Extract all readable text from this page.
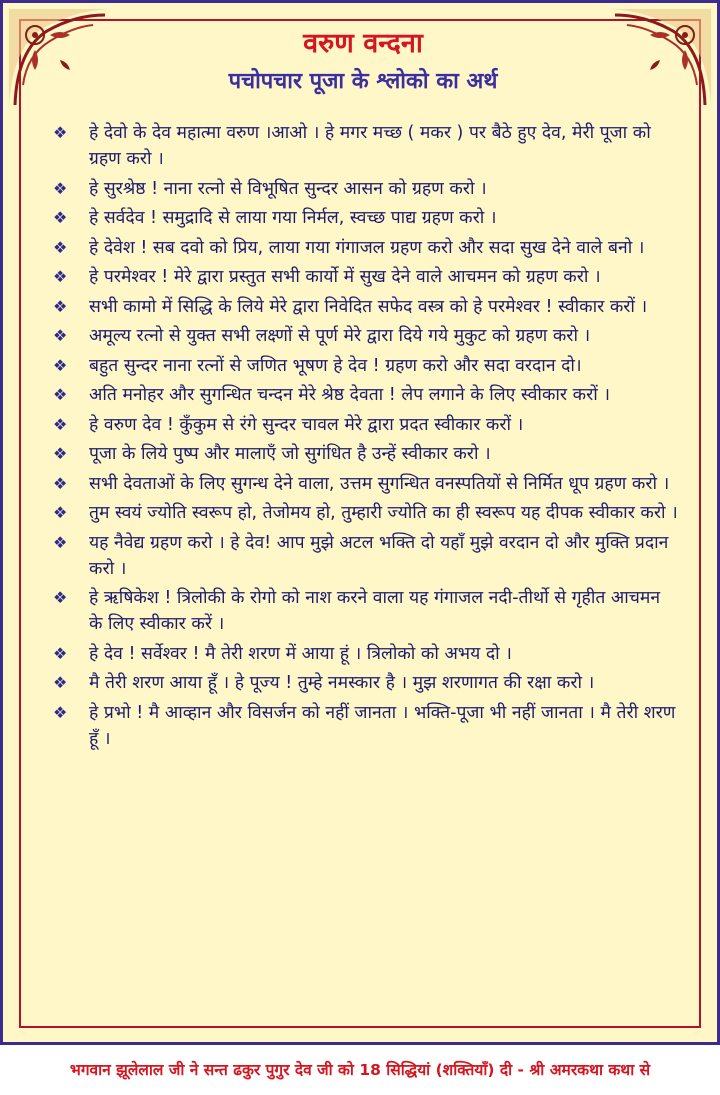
वरुण वन्दना
पचोपचार पूजा के श्लोको का अर्थ
❖ हे देवो के देव महात्मा वरुण ।आओ । हे मगर मच्छ ( मकर ) पर बैठे हुए देव, मेरी पूजा को ग्रहण करो ।
❖ हे सुरश्रेष्ठ ! नाना रत्नो से विभूषित सुन्दर आसन को ग्रहण करो ।
❖ हे सर्वदेव ! समुद्रादि से लाया गया निर्मल, स्वच्छ पाद्य ग्रहण करो ।
❖ हे देवेश ! सब दवो को प्रिय, लाया गया गंगाजल ग्रहण करो और सदा सुख देने वाले बनो ।
❖ हे परमेश्वर ! मेरे द्वारा प्रस्तुत सभी कार्यो में सुख देने वाले आचमन को ग्रहण करो ।
❖ सभी कामो में सिद्धि के लिये मेरे द्वारा निवेदित सफेद वस्त्र को हे परमेश्वर ! स्वीकार करों ।
❖ अमूल्य रत्नो से युक्त सभी लक्ष्णों से पूर्ण मेरे द्वारा दिये गये मुकुट को ग्रहण करो ।
❖ बहुत सुन्दर नाना रत्नों से जणित भूषण हे देव ! ग्रहण करो और सदा वरदान दो।
❖ अति मनोहर और सुगन्धित चन्दन मेरे श्रेष्ठ देवता ! लेप लगाने के लिए स्वीकार करों ।
❖ हे वरुण देव ! कुँकुम से रंगे सुन्दर चावल मेरे द्वारा प्रदत स्वीकार करों ।
❖ पूजा के लिये पुष्प और मालाएँ जो सुगंधित है उन्हें स्वीकार करो ।
❖ सभी देवताओं के लिए सुगन्ध देने वाला, उत्तम सुगन्धित वनस्पतियों से निर्मित धूप ग्रहण करो ।
❖ तुम स्वयं ज्योति स्वरूप हो, तेजोमय हो, तुम्हारी ज्योति का ही स्वरूप यह दीपक स्वीकार करो ।
❖ यह नैवेद्य ग्रहण करो । हे देव! आप मुझे अटल भक्ति दो यहाँ मुझे वरदान दो और मुक्ति प्रदान करो ।
❖ हे ऋषिकेश ! त्रिलोकी के रोगो को नाश करने वाला यह गंगाजल नदी-तीर्थो से गृहीत आचमन के लिए स्वीकार करें ।
❖ हे देव ! सर्वेश्वर ! मै तेरी शरण में आया हूं । त्रिलोको को अभय दो ।
❖ मै तेरी शरण आया हूँ । हे पूज्य ! तुम्हे नमस्कार है । मुझ शरणागत की रक्षा करो ।
❖ हे प्रभो ! मै आव्हान और विसर्जन को नहीं जानता । भक्ति-पूजा भी नहीं जानता । मै तेरी शरण हूँ ।
भगवान झूलेलाल जी ने सन्त ढकुर पुगुर देव जी को 18 सिद्धियां (शक्तियाँ) दी - श्री अमरकथा कथा से
